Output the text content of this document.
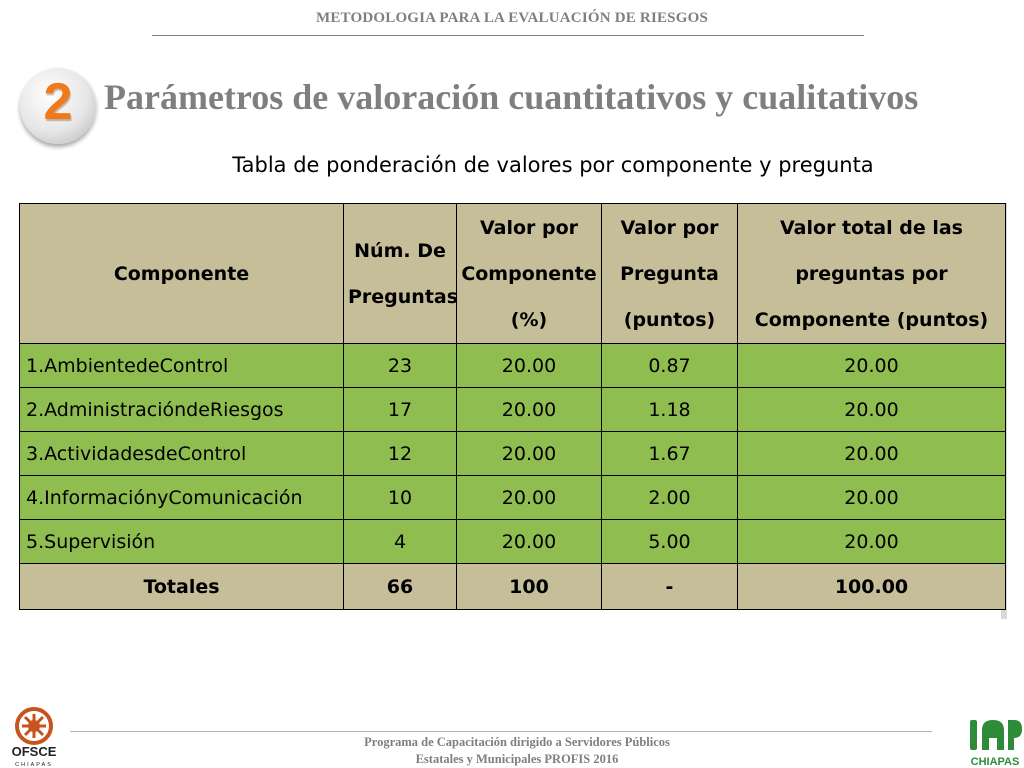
METODOLOGIA PARA LA EVALUACIÓN DE RIESGOS
2 Parámetros de valoración cuantitativos y cualitativos
Tabla de ponderación de valores por componente y pregunta
Componente	Núm. De Preguntas	Valor por Componente (%)	Valor por Pregunta (puntos)	Valor total de las preguntas por Componente (puntos)
1.AmbientedeControl	23	20.00	0.87	20.00
2.AdministracióndeRiesgos	17	20.00	1.18	20.00
3.ActividadesdeControl	12	20.00	1.67	20.00
4.InformaciónyComunicación	10	20.00	2.00	20.00
5.Supervisión	4	20.00	5.00	20.00
Totales	66	100	-	100.00
Programa de Capacitación dirigido a Servidores Públicos
Estatales y Municipales PROFIS 2016
OFSCE
CHIAPAS	CHIAPAS
